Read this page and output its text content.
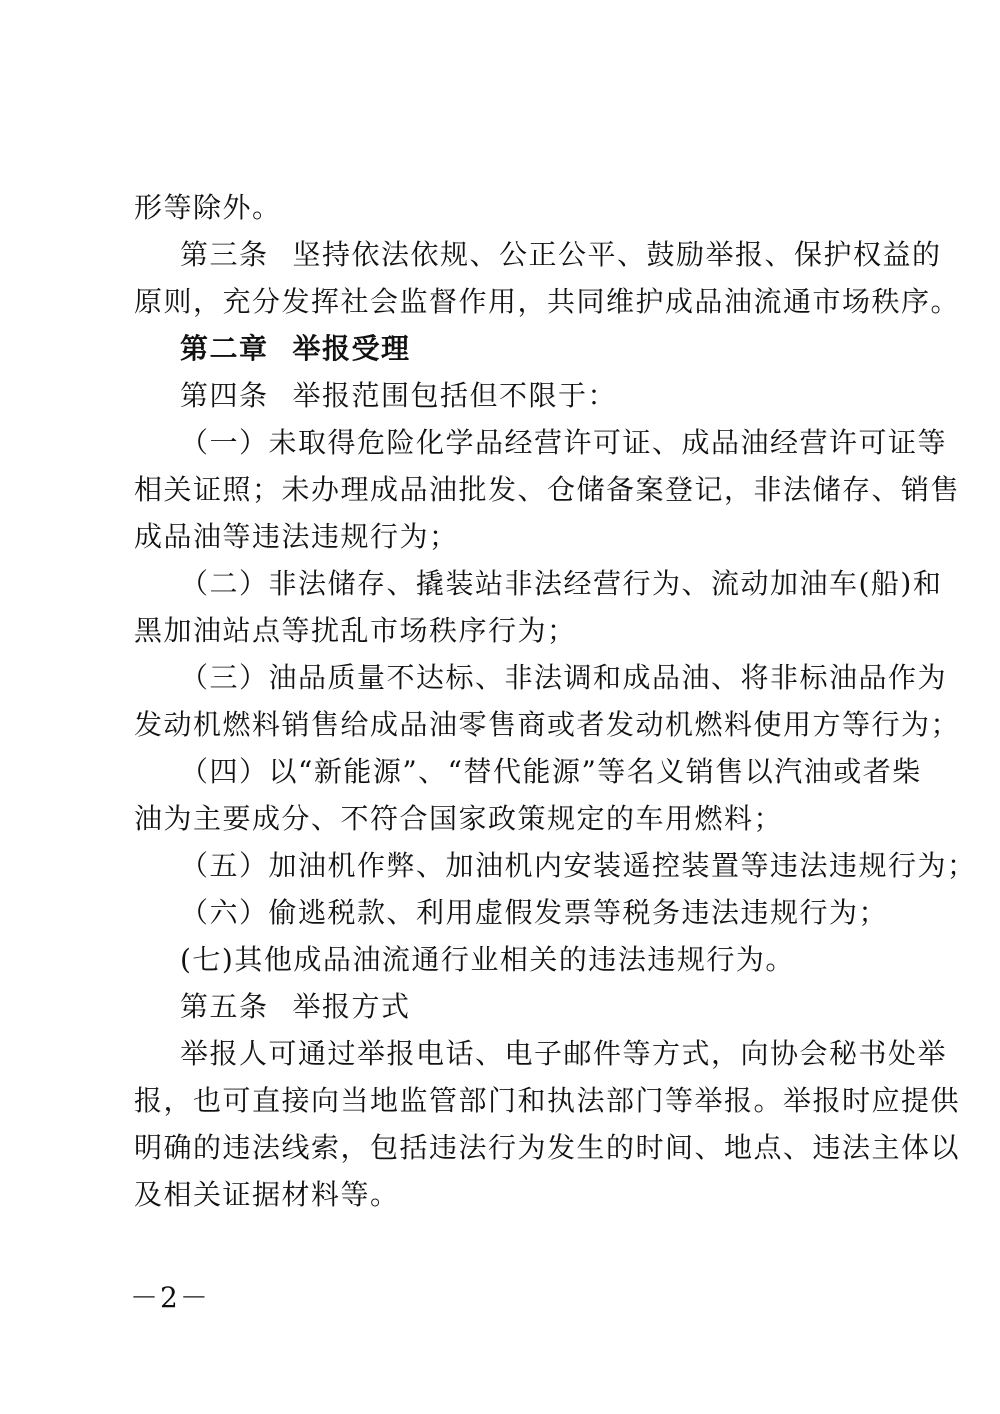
形等除外。
第三条 坚持依法依规、公正公平、鼓励举报、保护权益的
原则，充分发挥社会监督作用，共同维护成品油流通市场秩序。
第二章 举报受理
第四条 举报范围包括但不限于：
（一）未取得危险化学品经营许可证、成品油经营许可证等
相关证照；未办理成品油批发、仓储备案登记，非法储存、销售
成品油等违法违规行为；
（二）非法储存、撬装站非法经营行为、流动加油车(船)和
黑加油站点等扰乱市场秩序行为；
（三）油品质量不达标、非法调和成品油、将非标油品作为
发动机燃料销售给成品油零售商或者发动机燃料使用方等行为；
（四）以“新能源”、“替代能源”等名义销售以汽油或者柴
油为主要成分、不符合国家政策规定的车用燃料；
（五）加油机作弊、加油机内安装遥控装置等违法违规行为；
（六）偷逃税款、利用虚假发票等税务违法违规行为；
(七)其他成品油流通行业相关的违法违规行为。
第五条 举报方式
举报人可通过举报电话、电子邮件等方式，向协会秘书处举
报，也可直接向当地监管部门和执法部门等举报。举报时应提供
明确的违法线索，包括违法行为发生的时间、地点、违法主体以
及相关证据材料等。
－2－
